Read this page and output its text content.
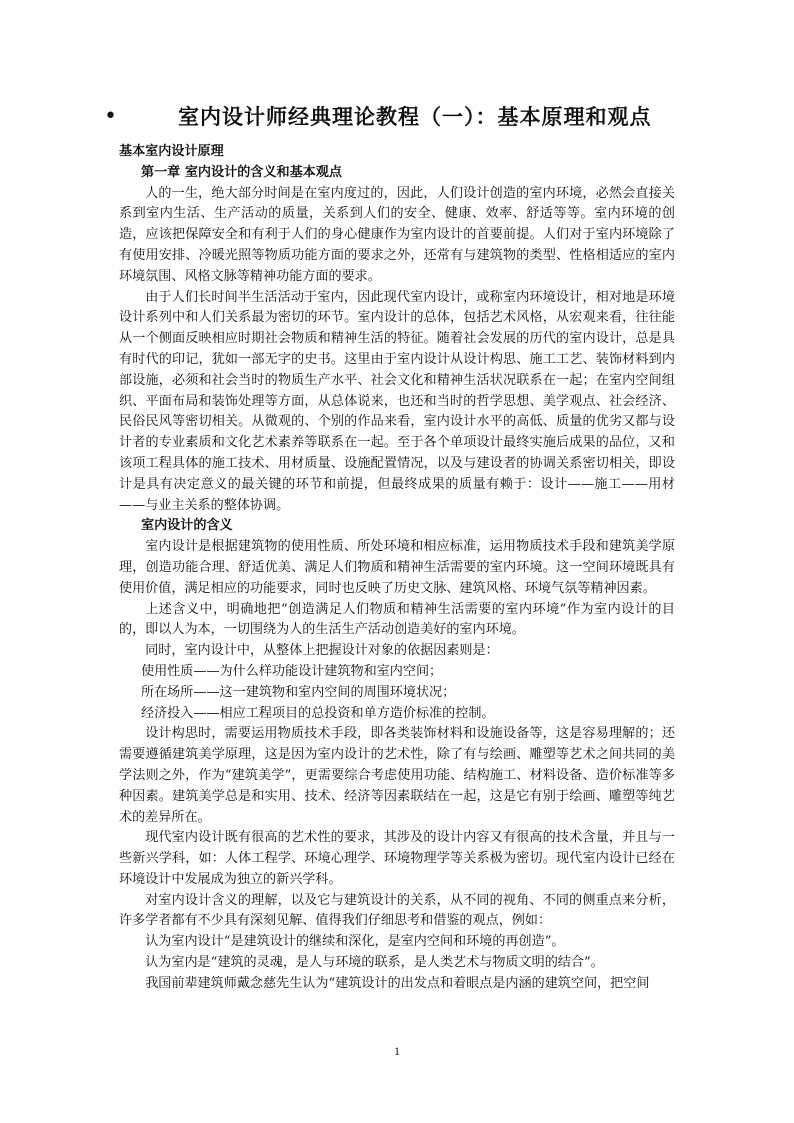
•	室内设计师经典理论教程（一）：基本原理和观点

基本室内设计原理

第一章 室内设计的含义和基本观点

人的一生，绝大部分时间是在室内度过的，因此，人们设计创造的室内环境，必然会直接关系到室内生活、生产活动的质量，关系到人们的安全、健康、效率、舒适等等。室内环境的创造，应该把保障安全和有利于人们的身心健康作为室内设计的首要前提。人们对于室内环境除了有使用安排、冷暖光照等物质功能方面的要求之外，还常有与建筑物的类型、性格相适应的室内环境氛围、风格文脉等精神功能方面的要求。

由于人们长时间半生活活动于室内，因此现代室内设计，或称室内环境设计，相对地是环境设计系列中和人们关系最为密切的环节。室内设计的总体，包括艺术风格，从宏观来看，往往能从一个侧面反映相应时期社会物质和精神生活的特征。随着社会发展的历代的室内设计，总是具有时代的印记，犹如一部无字的史书。这里由于室内设计从设计构思、施工工艺、装饰材料到内部设施，必须和社会当时的物质生产水平、社会文化和精神生活状况联系在一起；在室内空间组织、平面布局和装饰处理等方面，从总体说来，也还和当时的哲学思想、美学观点、社会经济、民俗民风等密切相关。从微观的、个别的作品来看，室内设计水平的高低、质量的优劣又都与设计者的专业素质和文化艺术素养等联系在一起。至于各个单项设计最终实施后成果的品位，又和该项工程具体的施工技术、用材质量、设施配置情况，以及与建设者的协调关系密切相关，即设计是具有决定意义的最关键的环节和前提，但最终成果的质量有赖于：设计——施工——用材——与业主关系的整体协调。

室内设计的含义

室内设计是根据建筑物的使用性质、所处环境和相应标准，运用物质技术手段和建筑美学原理，创造功能合理、舒适优美、满足人们物质和精神生活需要的室内环境。这一空间环境既具有使用价值，满足相应的功能要求，同时也反映了历史文脉、建筑风格、环境气氛等精神因素。

上述含义中，明确地把“创造满足人们物质和精神生活需要的室内环境”作为室内设计的目的，即以人为本，一切围绕为人的生活生产活动创造美好的室内环境。

同时，室内设计中，从整体上把握设计对象的依据因素则是：

使用性质——为什么样功能设计建筑物和室内空间；

所在场所——这一建筑物和室内空间的周围环境状况；

经济投入——相应工程项目的总投资和单方造价标准的控制。

设计构思时，需要运用物质技术手段，即各类装饰材料和设施设备等，这是容易理解的；还需要遵循建筑美学原理，这是因为室内设计的艺术性，除了有与绘画、雕塑等艺术之间共同的美学法则之外，作为“建筑美学”，更需要综合考虑使用功能、结构施工、材料设备、造价标准等多种因素。建筑美学总是和实用、技术、经济等因素联结在一起，这是它有别于绘画、雕塑等纯艺术的差异所在。

现代室内设计既有很高的艺术性的要求，其涉及的设计内容又有很高的技术含量，并且与一些新兴学科，如：人体工程学、环境心理学、环境物理学等关系极为密切。现代室内设计已经在环境设计中发展成为独立的新兴学科。

对室内设计含义的理解，以及它与建筑设计的关系，从不同的视角、不同的侧重点来分析，许多学者都有不少具有深刻见解、值得我们仔细思考和借鉴的观点，例如：

认为室内设计“是建筑设计的继续和深化，是室内空间和环境的再创造”。

认为室内是“建筑的灵魂，是人与环境的联系，是人类艺术与物质文明的结合”。

我国前辈建筑师戴念慈先生认为“建筑设计的出发点和着眼点是内涵的建筑空间，把空间

1
